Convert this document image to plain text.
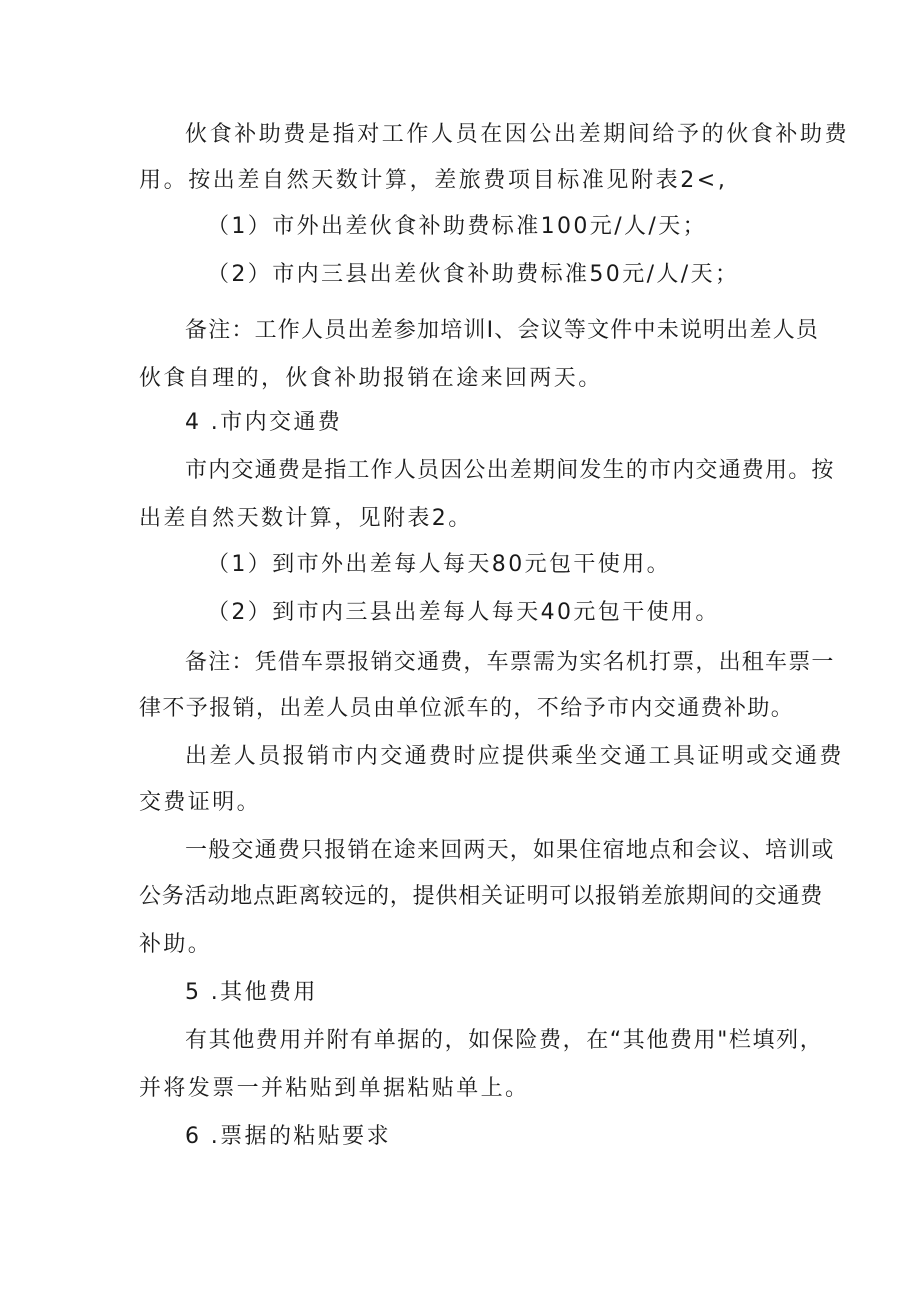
伙食补助费是指对工作人员在因公出差期间给予的伙食补助费
用。按出差自然天数计算，差旅费项目标准见附表2<,
（1）市外出差伙食补助费标准100元/人/天；
（2）市内三县出差伙食补助费标准50元/人/天；
备注：工作人员出差参加培训I、会议等文件中未说明出差人员
伙食自理的，伙食补助报销在途来回两天。
4 .市内交通费
市内交通费是指工作人员因公出差期间发生的市内交通费用。按
出差自然天数计算，见附表2。
（1）到市外出差每人每天80元包干使用。
（2）到市内三县出差每人每天40元包干使用。
备注：凭借车票报销交通费，车票需为实名机打票，出租车票一
律不予报销，出差人员由单位派车的，不给予市内交通费补助。
出差人员报销市内交通费时应提供乘坐交通工具证明或交通费
交费证明。
一般交通费只报销在途来回两天，如果住宿地点和会议、培训或
公务活动地点距离较远的，提供相关证明可以报销差旅期间的交通费
补助。
5 .其他费用
有其他费用并附有单据的，如保险费，在“其他费用"栏填列，
并将发票一并粘贴到单据粘贴单上。
6 .票据的粘贴要求
